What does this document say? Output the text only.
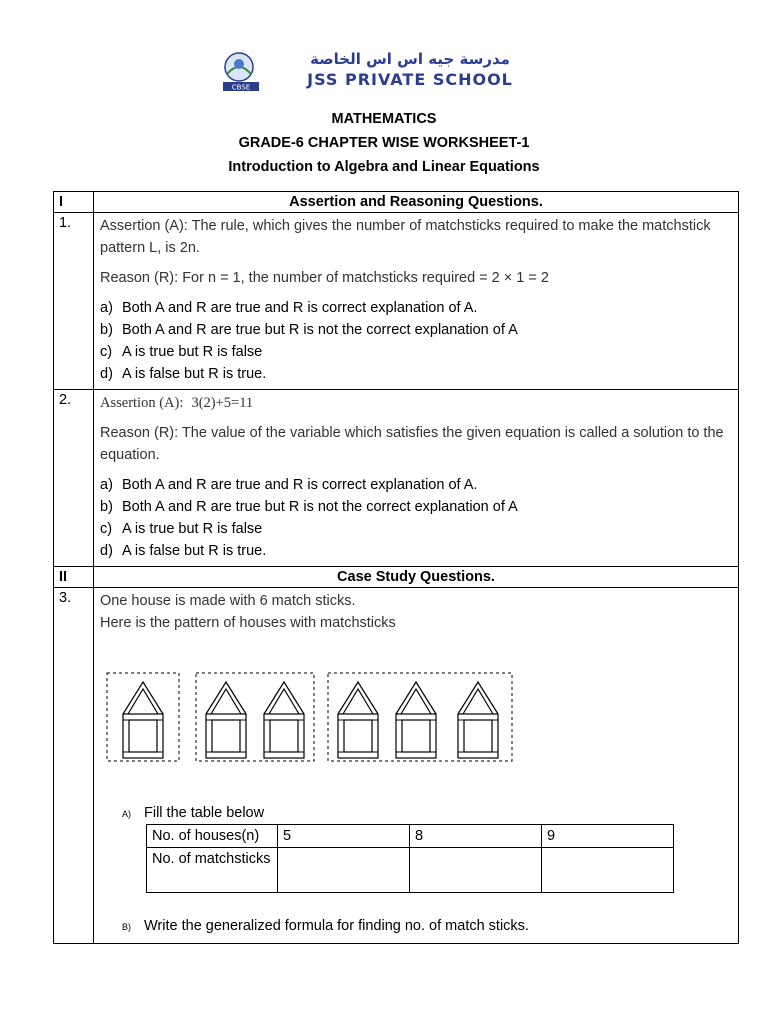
CBSE
مدرسة جيه اس اس الخاصة
JSS PRIVATE SCHOOL
MATHEMATICS
GRADE-6 CHAPTER WISE WORKSHEET-1
Introduction to Algebra and Linear Equations
I	Assertion and Reasoning Questions.
1.	Assertion (A): The rule, which gives the number of matchsticks required to make the matchstick pattern L, is 2n.

Reason (R): For n = 1, the number of matchsticks required = 2 × 1 = 2

a) Both A and R are true and R is correct explanation of A.
b) Both A and R are true but R is not the correct explanation of A
c) A is true but R is false
d) A is false but R is true.

2.	Assertion (A): 3(2)+5=11

Reason (R): The value of the variable which satisfies the given equation is called a solution to the equation.

a) Both A and R are true and R is correct explanation of A.
b) Both A and R are true but R is not the correct explanation of A
c) A is true but R is false
d) A is false but R is true.

II	Case Study Questions.
3.	One house is made with 6 match sticks.

Here is the pattern of houses with matchsticks

A) Fill the table below
No. of houses(n)	5	8	9
No. of matchsticks			
B) Write the generalized formula for finding no. of match sticks.
